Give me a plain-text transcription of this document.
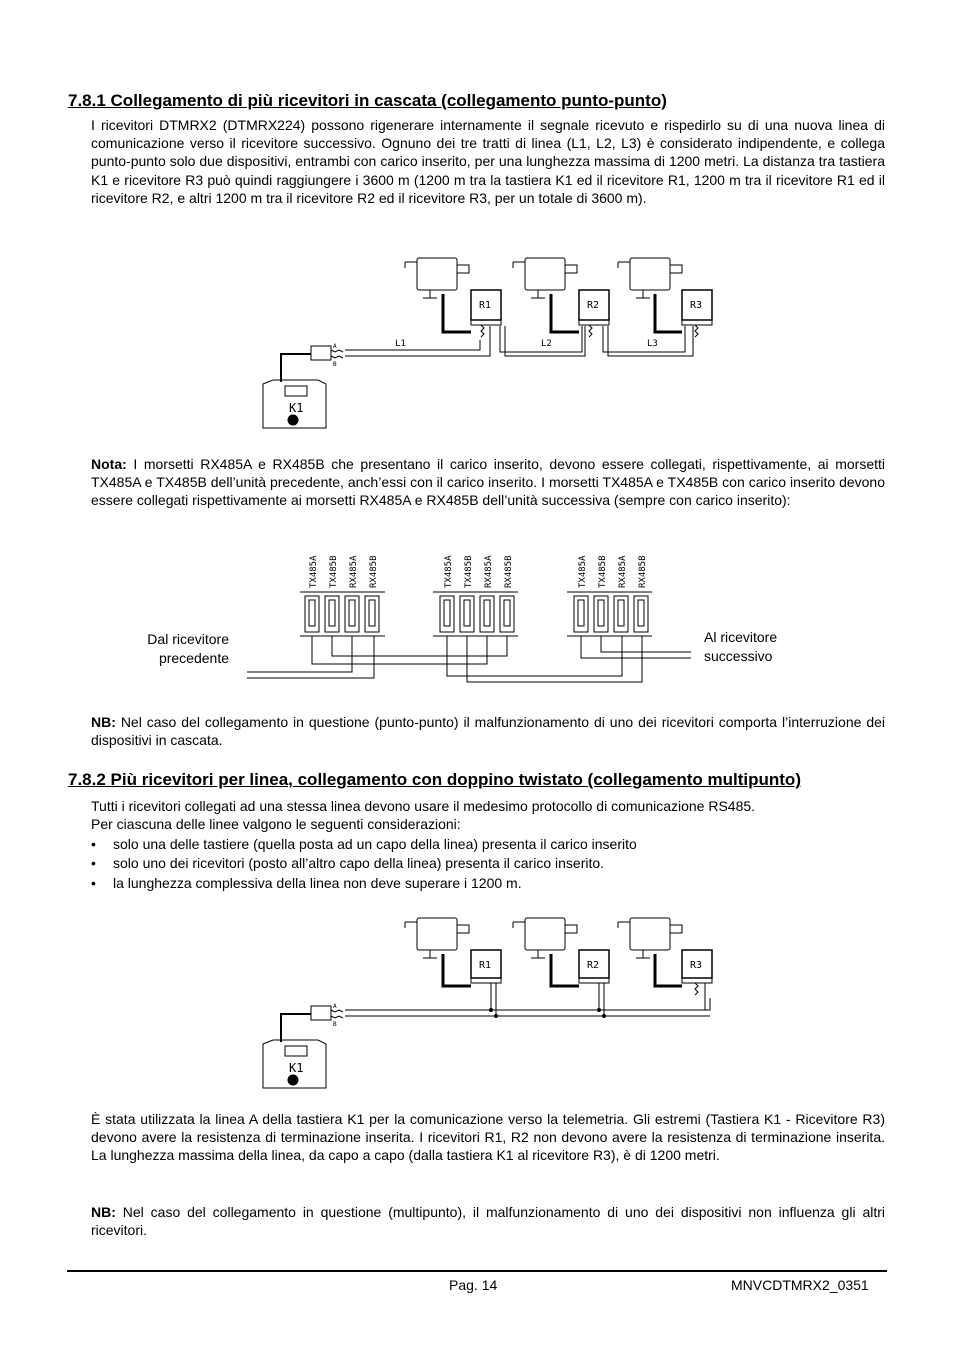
7.8.1 Collegamento di più ricevitori in cascata (collegamento punto-punto)
I ricevitori DTMRX2 (DTMRX224) possono rigenerare internamente il segnale ricevuto e rispedirlo su di una nuova linea di comunicazione verso il ricevitore successivo. Ognuno dei tre tratti di linea (L1, L2, L3) è considerato indipendente, e collega punto-punto solo due dispositivi, entrambi con carico inserito, per una lunghezza massima di 1200 metri. La distanza tra tastiera K1 e ricevitore R3 può quindi raggiungere i 3600 m (1200 m tra la tastiera K1 ed il ricevitore R1, 1200 m tra il ricevitore R1 ed il ricevitore R2, e altri 1200 m tra il ricevitore R2 ed il ricevitore R3, per un totale di 3600 m).
R1	R2	R3
L1	L2	L3
A
B
K1
Nota: I morsetti RX485A e RX485B che presentano il carico inserito, devono essere collegati, rispettivamente, ai morsetti TX485A e TX485B dell’unità precedente, anch’essi con il carico inserito. I morsetti TX485A e TX485B con carico inserito devono essere collegati rispettivamente ai morsetti RX485A e RX485B dell’unità successiva (sempre con carico inserito):
TX485A TX485B RX485A RX485B	TX485A TX485B RX485A RX485B	TX485A TX485B RX485A RX485B
Dal ricevitore
precedente
Al ricevitore
successivo
NB: Nel caso del collegamento in questione (punto-punto) il malfunzionamento di uno dei ricevitori comporta l’interruzione dei dispositivi in cascata.
7.8.2 Più ricevitori per linea, collegamento con doppino twistato (collegamento multipunto)
Tutti i ricevitori collegati ad una stessa linea devono usare il medesimo protocollo di comunicazione RS485.
Per ciascuna delle linee valgono le seguenti considerazioni:
• solo una delle tastiere (quella posta ad un capo della linea) presenta il carico inserito
• solo uno dei ricevitori (posto all’altro capo della linea) presenta il carico inserito.
• la lunghezza complessiva della linea non deve superare i 1200 m.
R1	R2	R3
A
B
K1
È stata utilizzata la linea A della tastiera K1 per la comunicazione verso la telemetria. Gli estremi (Tastiera K1 - Ricevitore R3) devono avere la resistenza di terminazione inserita. I ricevitori R1, R2 non devono avere la resistenza di terminazione inserita. La lunghezza massima della linea, da capo a capo (dalla tastiera K1 al ricevitore R3), è di 1200 metri.
NB: Nel caso del collegamento in questione (multipunto), il malfunzionamento di uno dei dispositivi non influenza gli altri ricevitori.
Pag. 14	MNVCDTMRX2_0351
